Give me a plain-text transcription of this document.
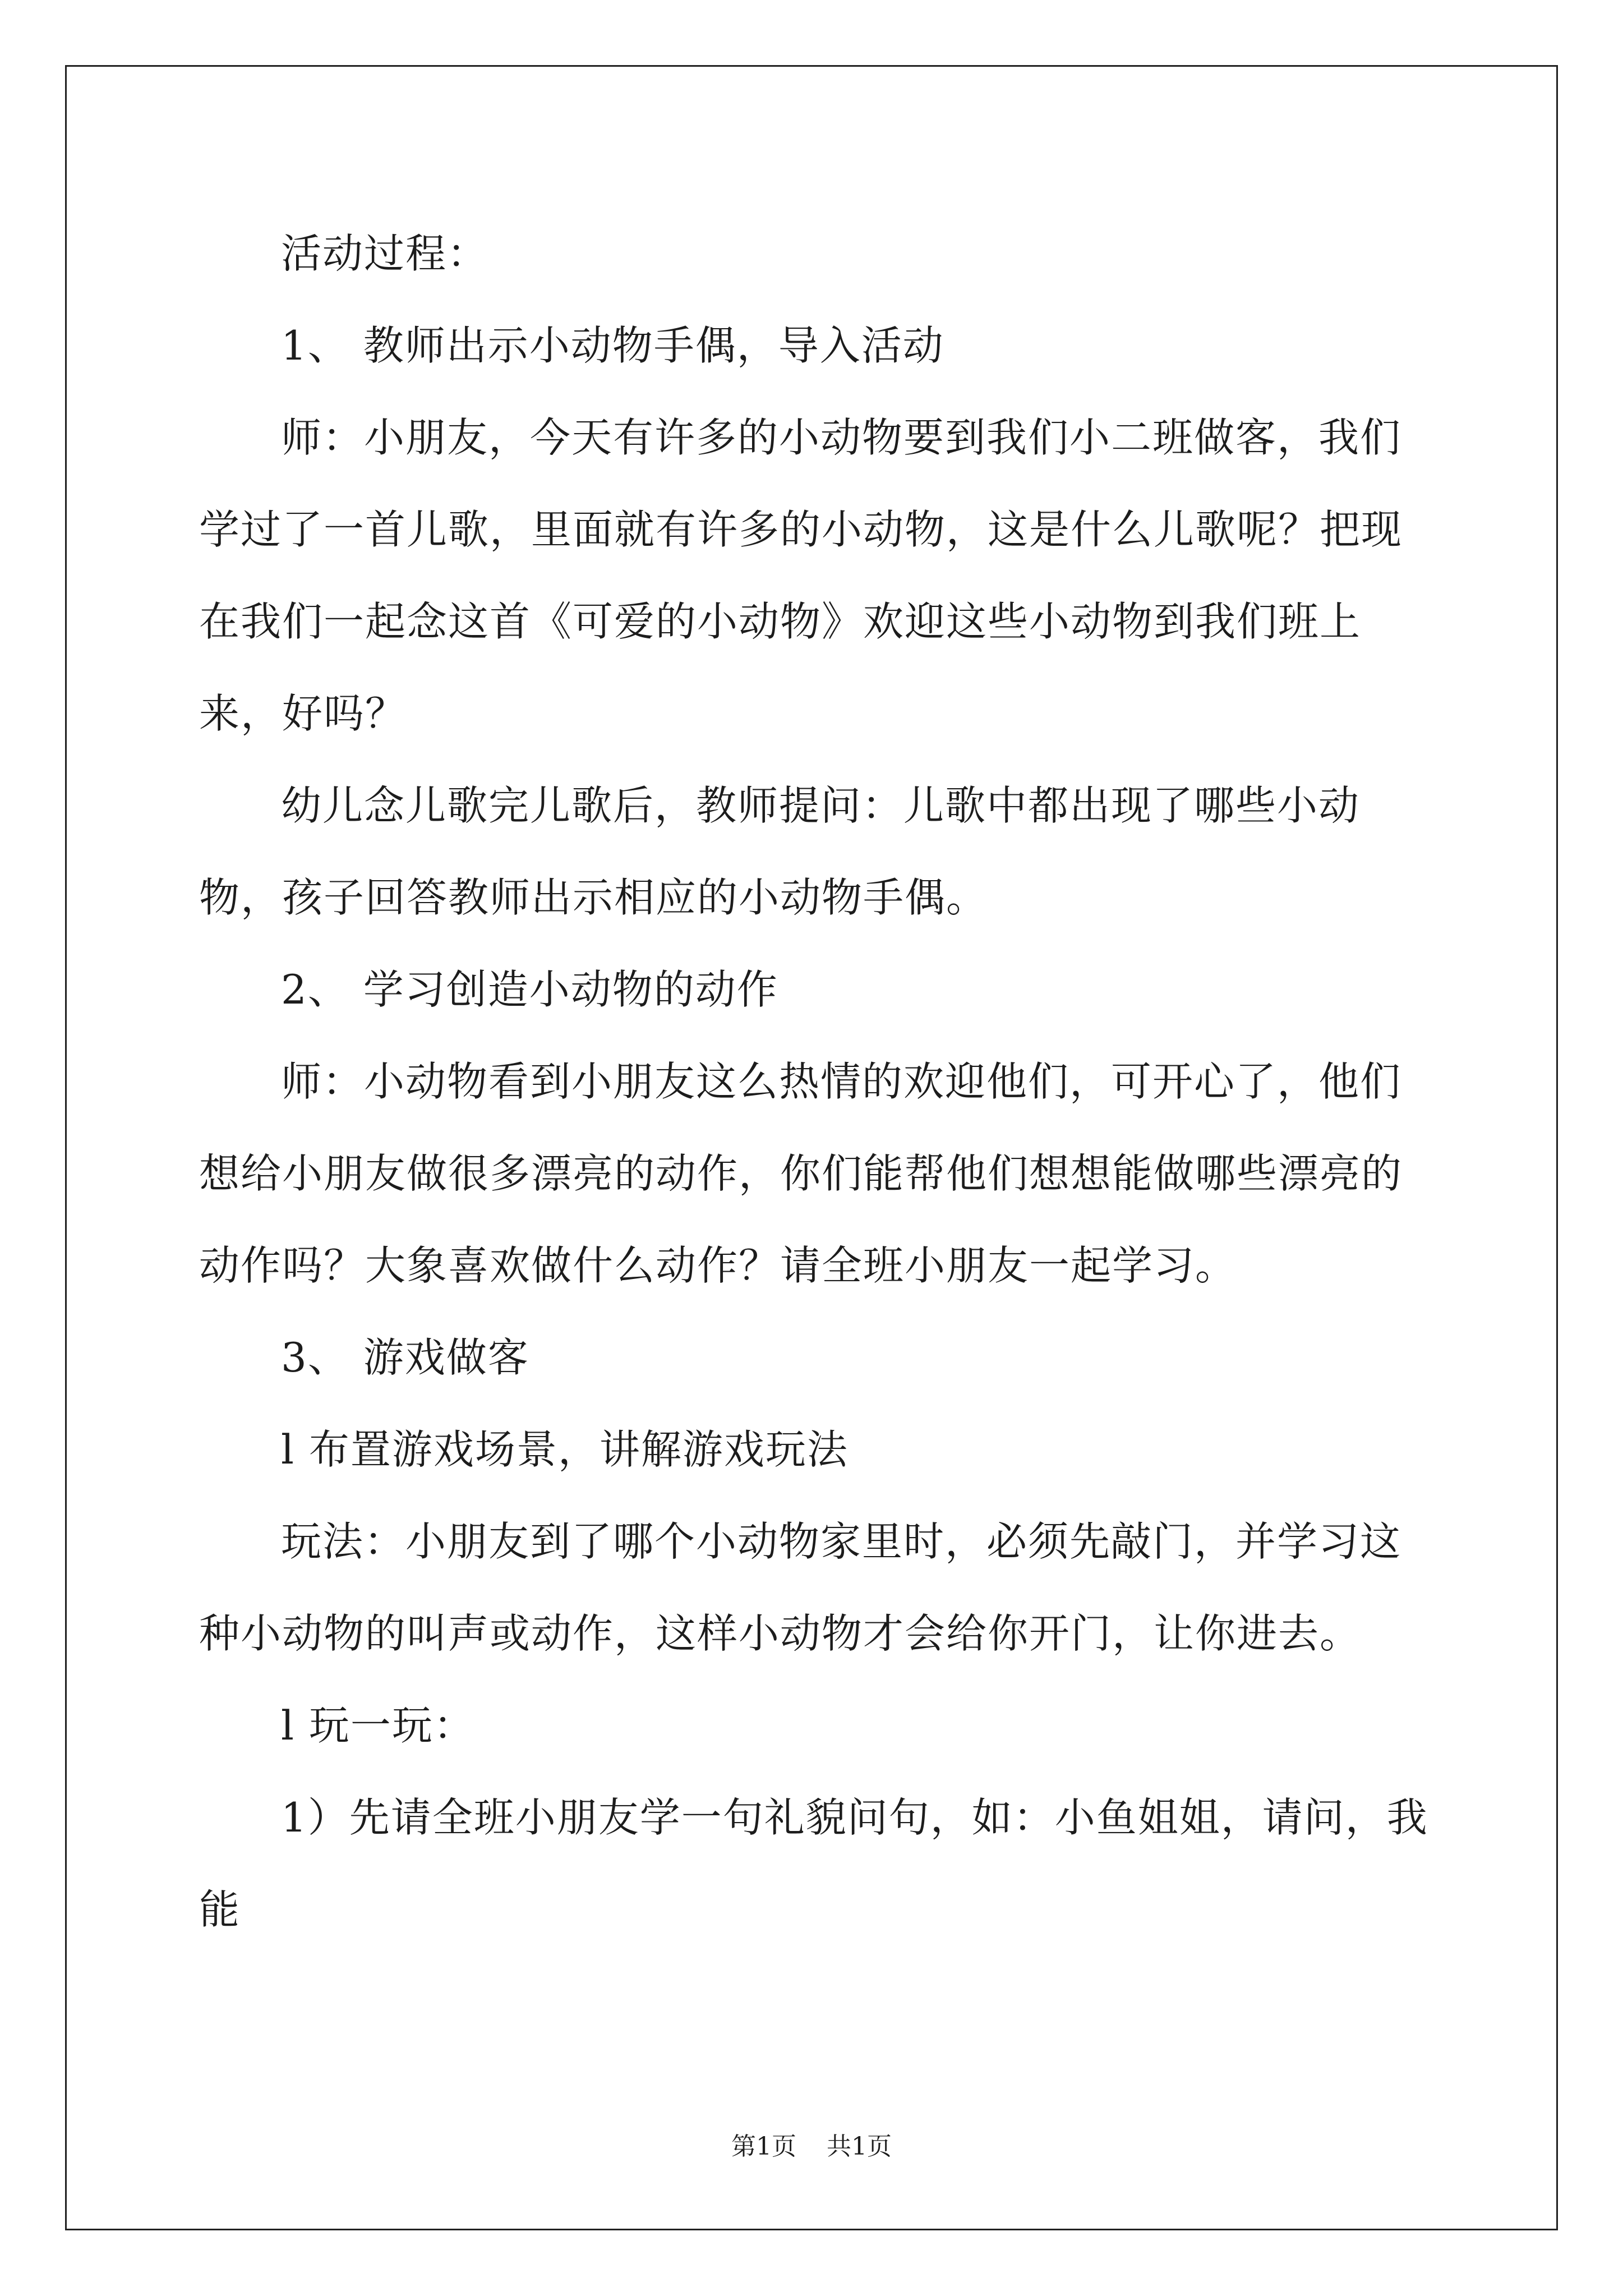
活动过程：

1、 教师出示小动物手偶，导入活动

师：小朋友，今天有许多的小动物要到我们小二班做客，我们学过了一首儿歌，里面就有许多的小动物，这是什么儿歌呢？把现在我们一起念这首《可爱的小动物》欢迎这些小动物到我们班上来，好吗？

幼儿念儿歌完儿歌后，教师提问：儿歌中都出现了哪些小动物，孩子回答教师出示相应的小动物手偶。

2、 学习创造小动物的动作

师：小动物看到小朋友这么热情的欢迎他们，可开心了，他们想给小朋友做很多漂亮的动作，你们能帮他们想想能做哪些漂亮的动作吗？大象喜欢做什么动作？请全班小朋友一起学习。

3、 游戏做客

l 布置游戏场景，讲解游戏玩法

玩法：小朋友到了哪个小动物家里时，必须先敲门，并学习这种小动物的叫声或动作，这样小动物才会给你开门，让你进去。

l 玩一玩：

1）先请全班小朋友学一句礼貌问句，如：小鱼姐姐，请问，我能

第1页 共1页
